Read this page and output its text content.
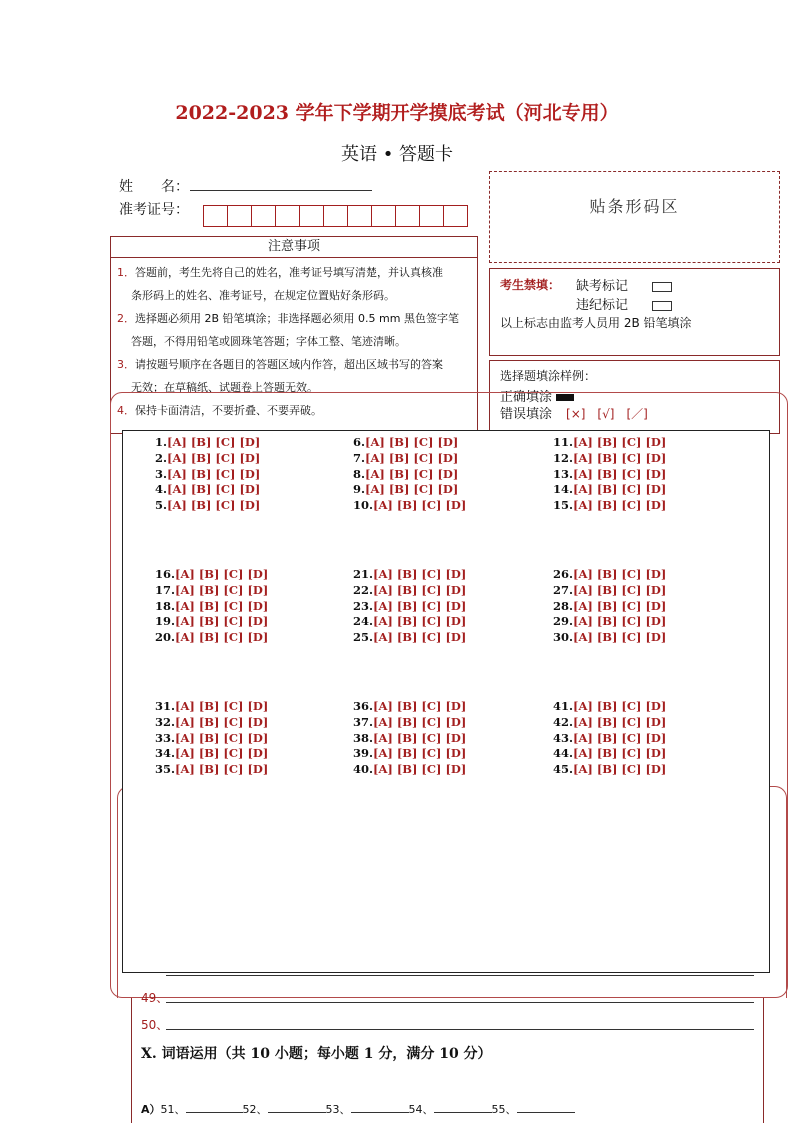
2022-2023 学年下学期开学摸底考试（河北专用）
英语 • 答题卡
姓　　名：
准考证号：	贴条形码区
注意事项
1．答题前，考生先将自己的姓名，准考证号填写清楚，并认真核准
条形码上的姓名、准考证号，在规定位置贴好条形码。
2．选择题必须用 2B 铅笔填涂；非选择题必须用 0.5 mm 黑色签字笔
答题，不得用铅笔或圆珠笔答题；字体工整、笔迹清晰。
3．请按题号顺序在各题目的答题区域内作答，超出区域书写的答案
无效；在草稿纸、试题卷上答题无效。
4．保持卡面清洁，不要折叠、不要弄破。
考生禁填： 缺考标记
违纪标记
以上标志由监考人员用 2B 铅笔填涂
选择题填涂样例：
正确填涂
错误填涂 [×]　[√]　[／]
1.[A] [B] [C] [D]
2.[A] [B] [C] [D]
3.[A] [B] [C] [D]
4.[A] [B] [C] [D]
5.[A] [B] [C] [D]
6.[A] [B] [C] [D]
7.[A] [B] [C] [D]
8.[A] [B] [C] [D]
9.[A] [B] [C] [D]
10.[A] [B] [C] [D]
11.[A] [B] [C] [D]
12.[A] [B] [C] [D]
13.[A] [B] [C] [D]
14.[A] [B] [C] [D]
15.[A] [B] [C] [D]
16.[A] [B] [C] [D]
17.[A] [B] [C] [D]
18.[A] [B] [C] [D]
19.[A] [B] [C] [D]
20.[A] [B] [C] [D]
21.[A] [B] [C] [D]
22.[A] [B] [C] [D]
23.[A] [B] [C] [D]
24.[A] [B] [C] [D]
25.[A] [B] [C] [D]
26.[A] [B] [C] [D]
27.[A] [B] [C] [D]
28.[A] [B] [C] [D]
29.[A] [B] [C] [D]
30.[A] [B] [C] [D]
31.[A] [B] [C] [D]
32.[A] [B] [C] [D]
33.[A] [B] [C] [D]
34.[A] [B] [C] [D]
35.[A] [B] [C] [D]
36.[A] [B] [C] [D]
37.[A] [B] [C] [D]
38.[A] [B] [C] [D]
39.[A] [B] [C] [D]
40.[A] [B] [C] [D]
41.[A] [B] [C] [D]
42.[A] [B] [C] [D]
43.[A] [B] [C] [D]
44.[A] [B] [C] [D]
45.[A] [B] [C] [D]
49、
50、
X. 词语运用（共 10 小题；每小题 1 分，满分 10 分）
A）51、	52、	53、	54、	55、
